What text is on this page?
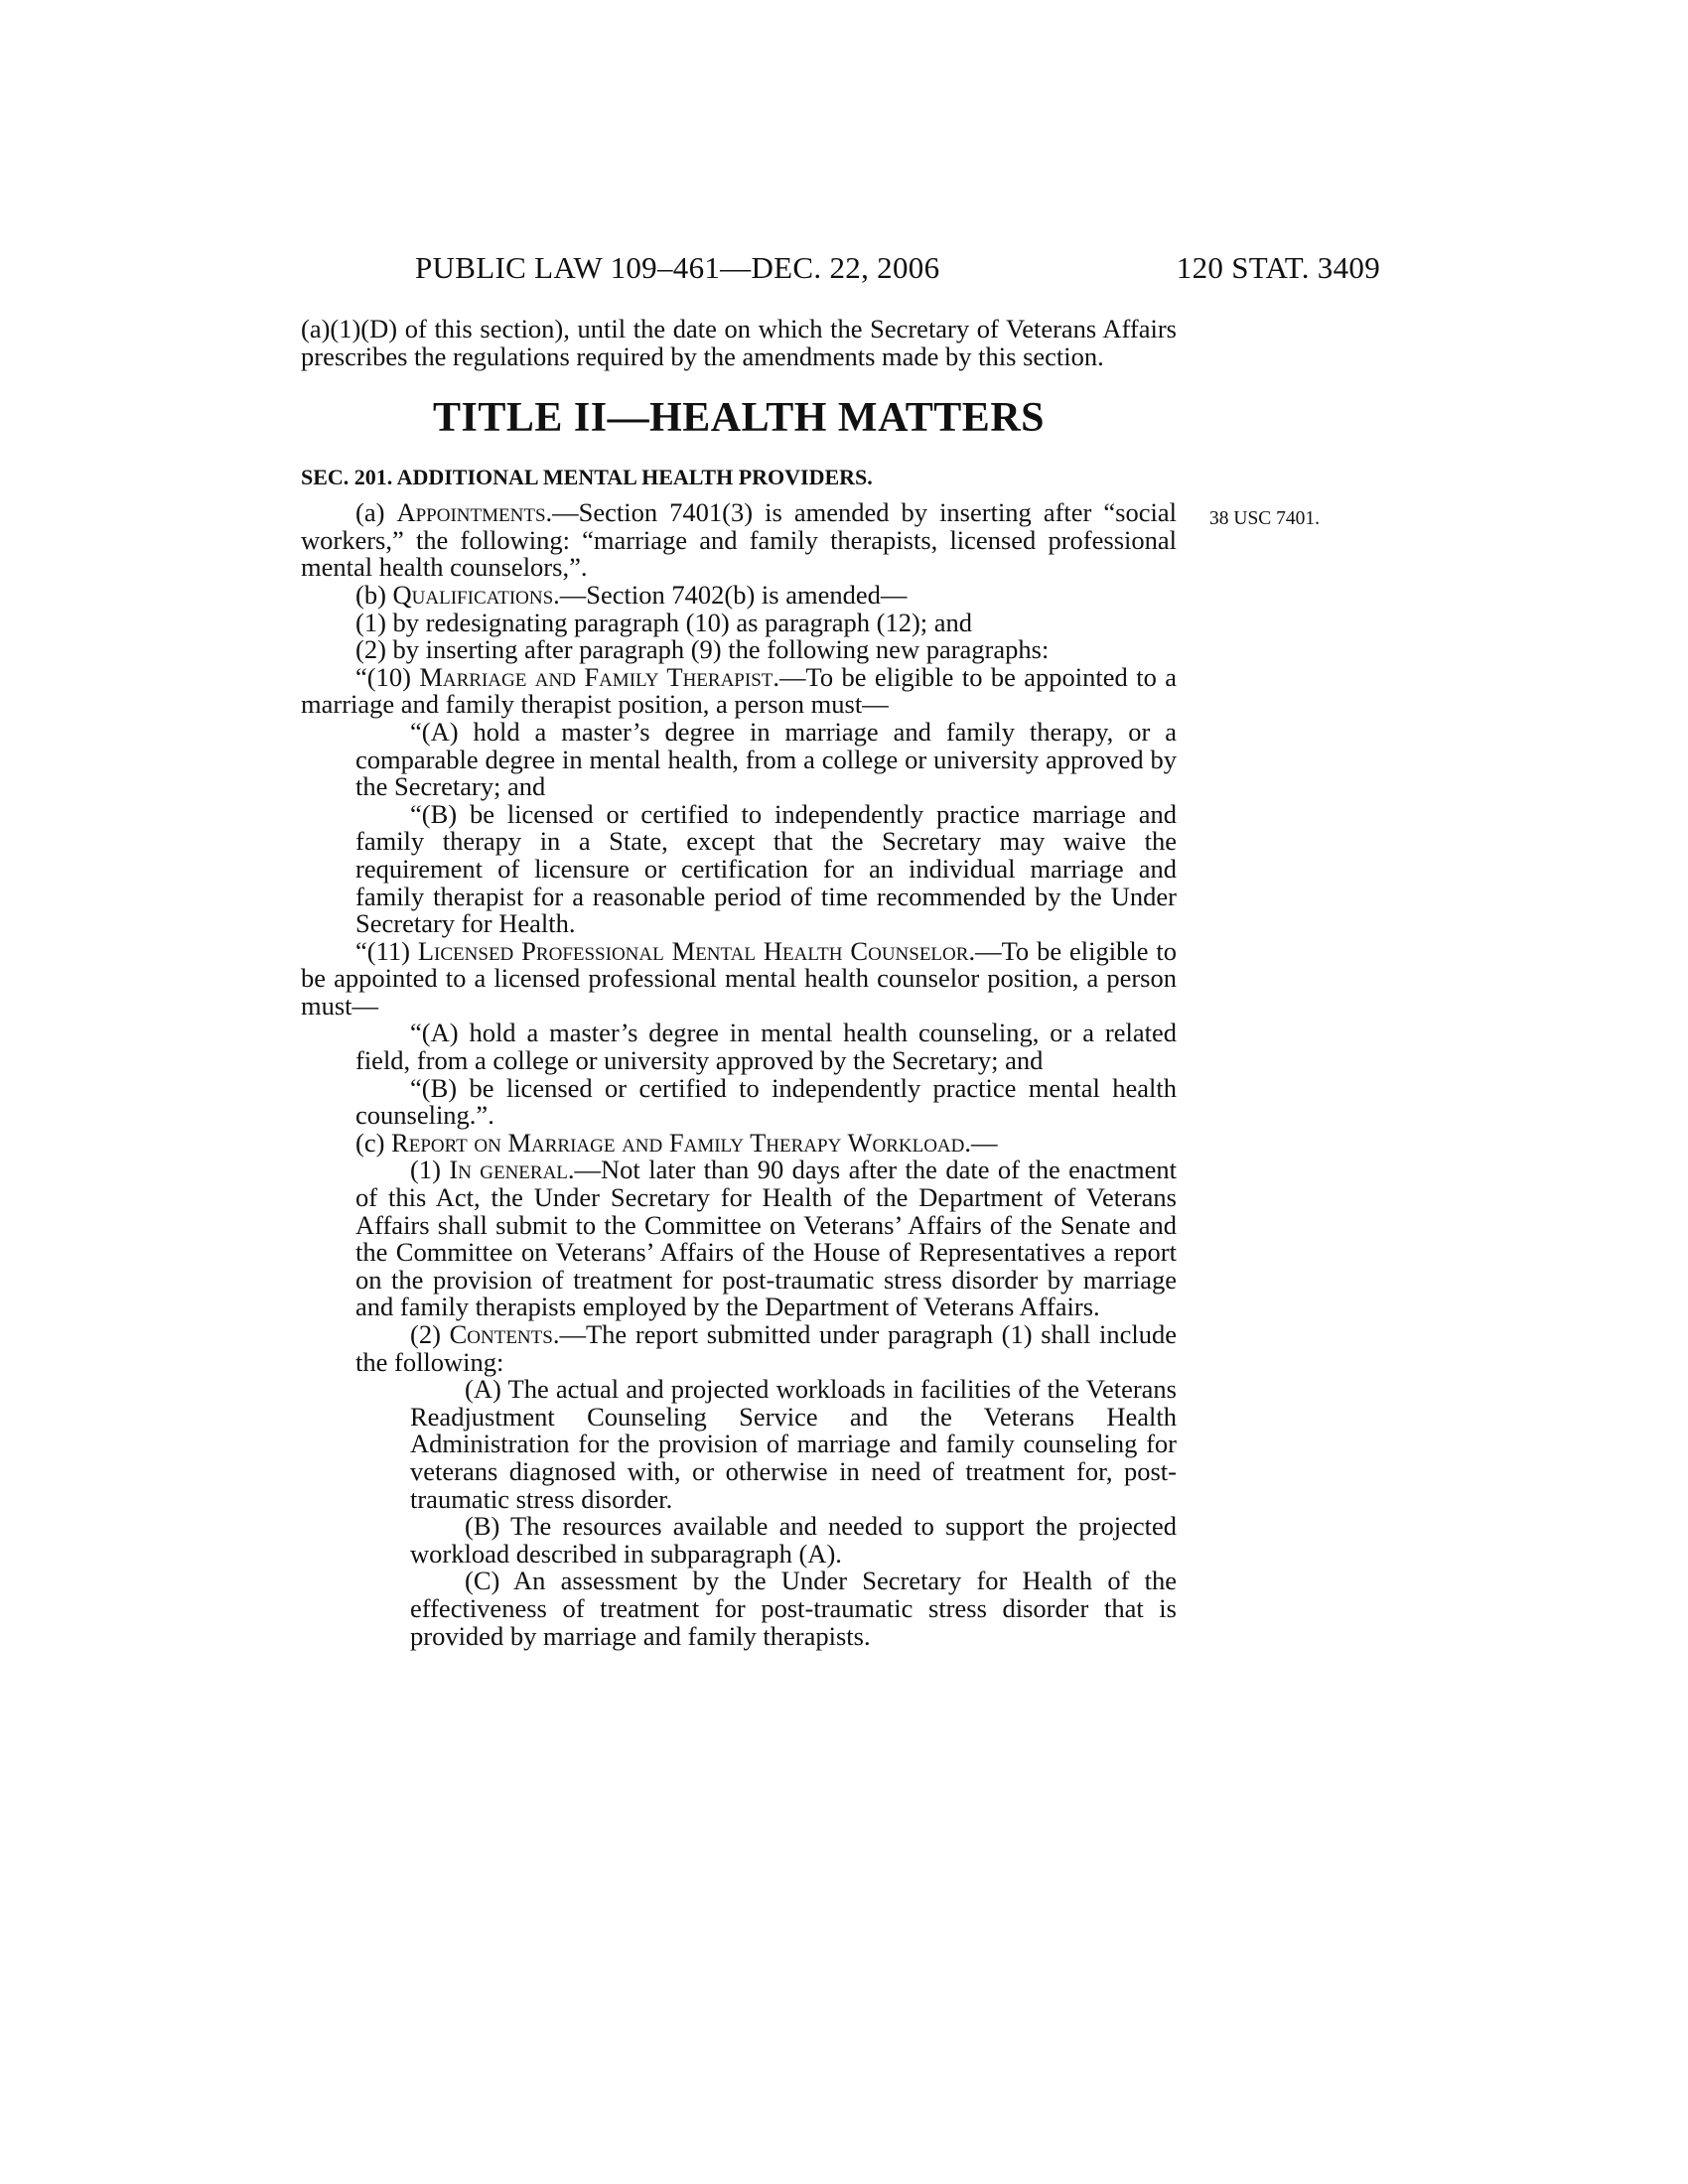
PUBLIC LAW 109–461—DEC. 22, 2006	120 STAT. 3409
38 USC 7401.

(a)(1)(D) of this section), until the date on which the Secretary of Veterans Affairs prescribes the regulations required by the amendments made by this section.

TITLE II—HEALTH MATTERS
SEC. 201. ADDITIONAL MENTAL HEALTH PROVIDERS.

(a) Appointments.—Section 7401(3) is amended by inserting after “social workers,” the following: “marriage and family therapists, licensed professional mental health counselors,”.

(b) Qualifications.—Section 7402(b) is amended—

(1) by redesignating paragraph (10) as paragraph (12); and

(2) by inserting after paragraph (9) the following new paragraphs:

“(10) Marriage and Family Therapist.—To be eligible to be appointed to a marriage and family therapist position, a person must—

“(A) hold a master’s degree in marriage and family therapy, or a comparable degree in mental health, from a college or university approved by the Secretary; and

“(B) be licensed or certified to independently practice marriage and family therapy in a State, except that the Secretary may waive the requirement of licensure or certification for an individual marriage and family therapist for a reasonable period of time recommended by the Under Secretary for Health.

“(11) Licensed Professional Mental Health Counselor.—To be eligible to be appointed to a licensed professional mental health counselor position, a person must—

“(A) hold a master’s degree in mental health counseling, or a related field, from a college or university approved by the Secretary; and

“(B) be licensed or certified to independently practice mental health counseling.”.

(c) Report on Marriage and Family Therapy Workload.—

(1) In general.—Not later than 90 days after the date of the enactment of this Act, the Under Secretary for Health of the Department of Veterans Affairs shall submit to the Committee on Veterans’ Affairs of the Senate and the Committee on Veterans’ Affairs of the House of Representatives a report on the provision of treatment for post-traumatic stress disorder by marriage and family therapists employed by the Department of Veterans Affairs.

(2) Contents.—The report submitted under paragraph (1) shall include the following:

(A) The actual and projected workloads in facilities of the Veterans Readjustment Counseling Service and the Veterans Health Administration for the provision of marriage and family counseling for veterans diagnosed with, or otherwise in need of treatment for, post-traumatic stress disorder.

(B) The resources available and needed to support the projected workload described in subparagraph (A).

(C) An assessment by the Under Secretary for Health of the effectiveness of treatment for post-traumatic stress disorder that is provided by marriage and family therapists.
